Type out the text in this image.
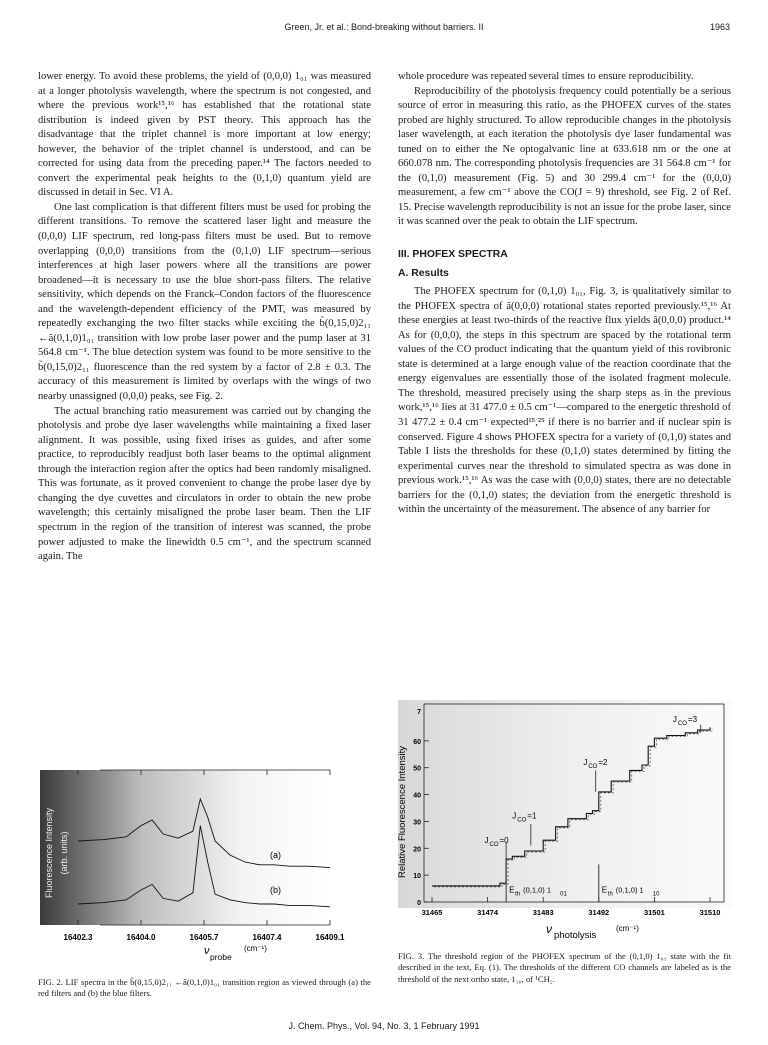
Green, Jr. et al.: Bond-breaking without barriers. II	1963

lower energy. To avoid these problems, the yield of (0,0,0) 1₀₁ was measured at a longer photolysis wavelength, where the spectrum is not congested, and where the previous work¹⁵,¹⁶ has established that the rotational state distribution is indeed given by PST theory. This approach has the disadvantage that the triplet channel is more important at low energy; however, the behavior of the triplet channel is understood, and can be corrected for using data from the preceding paper.¹⁴ The factors needed to convert the experimental peak heights to the (0,1,0) quantum yield are discussed in detail in Sec. VI A.

One last complication is that different filters must be used for probing the different transitions. To remove the scattered laser light and measure the (0,0,0) LIF spectrum, red long-pass filters must be used. But to remove overlapping (0,0,0) transitions from the (0,1,0) LIF spectrum—serious interferences at high laser powers where all the transitions are power broadened—it is necessary to use the blue short-pass filters. The relative sensitivity, which depends on the Franck–Condon factors of the fluorescence and the wavelength-dependent efficiency of the PMT, was measured by repeatedly exchanging the two filter stacks while exciting the b̃(0,15,0)2₁₁ ←ã(0,1,0)1₀₁ transition with low probe laser power and the pump laser at 31 564.8 cm⁻¹. The blue detection system was found to be more sensitive to the b̃(0,15,0)2₁₁ fluorescence than the red system by a factor of 2.8 ± 0.3. The accuracy of this measurement is limited by overlaps with the wings of two nearby unassigned (0,0,0) peaks, see Fig. 2.

The actual branching ratio measurement was carried out by changing the photolysis and probe dye laser wavelengths while maintaining a fixed laser alignment. It was possible, using fixed irises as guides, and after some practice, to reproducibly readjust both laser beams to the optimal alignment through the interaction region after the optics had been randomly misaligned. This was fortunate, as it proved convenient to change the probe laser dye by changing the dye cuvettes and circulators in order to obtain the new probe wavelength; this certainly misaligned the probe laser beam. Then the LIF spectrum in the region of the transition of interest was scanned, the probe power adjusted to make the linewidth 0.5 cm⁻¹, and the spectrum scanned again. The

whole procedure was repeated several times to ensure reproducibility.

Reproducibility of the photolysis frequency could potentially be a serious source of error in measuring this ratio, as the PHOFEX curves of the states probed are highly structured. To allow reproducible changes in the photolysis laser wavelength, at each iteration the photolysis dye laser fundamental was tuned on to either the Ne optogalvanic line at 633.618 nm or the one at 660.078 nm. The corresponding photolysis frequencies are 31 564.8 cm⁻¹ for the (0,1,0) measurement (Fig. 5) and 30 299.4 cm⁻¹ for the (0,0,0) measurement, a few cm⁻¹ above the CO(J = 9) threshold, see Fig. 2 of Ref. 15. Precise wavelength reproducibility is not an issue for the probe laser, since it was scanned over the peak to obtain the LIF spectrum.

III. PHOFEX SPECTRA
A. Results

The PHOFEX spectrum for (0,1,0) 1₀₁, Fig. 3, is qualitatively similar to the PHOFEX spectra of ã(0,0,0) rotational states reported previously.¹⁵,¹⁶ At these energies at least two-thirds of the reactive flux yields ã(0,0,0) product.¹⁴ As for (0,0,0), the steps in this spectrum are spaced by the rotational term values of the CO product indicating that the quantum yield of this rovibronic state is determined at a large enough value of the reaction coordinate that the energy eigenvalues are essentially those of the isolated fragment molecule. The threshold, measured precisely using the sharp steps as in the previous work,¹⁵,¹⁶ lies at 31 477.0 ± 0.5 cm⁻¹—compared to the energetic threshold of 31 477.2 ± 0.4 cm⁻¹ expected¹⁵,²⁵ if there is no barrier and if nuclear spin is conserved. Figure 4 shows PHOFEX spectra for a variety of (0,1,0) states and Table I lists the thresholds for these (0,1,0) states determined by fitting the experimental curves near the threshold to simulated spectra as was done in previous work.¹⁵,¹⁶ As was the case with (0,0,0) states, there are no detectable barriers for the (0,1,0) states; the deviation from the energetic threshold is within the uncertainty of the measurement. The absence of any barrier for

Fluorescence Intensity (arb. units)	(a)
(b)
16402.3	16404.0	16405.7	16407.4	16409.1
ν probe
(cm⁻¹)
FIG. 2. LIF spectra in the b̃(0,15,0)2₁₁ ←ã(0,1,0)1₀₁ transition region as viewed through (a) the red filters and (b) the blue filters.
Relative Fluorescence Intensity
31465	31474	31483	31492	31501	31510
0
10
20
30
40
50
60
7
J CO =0
J CO =1
J CO =2
J CO =3
E th (0,1,0) 1 01	E th (0,1,0) 1 10
ν photolysis
(cm⁻¹)
FIG. 3. The threshold region of the PHOFEX spectrum of the (0,1,0) 1₀₁ state with the fit described in the text, Eq. (1). The thresholds of the different CO channels are labeled as is the threshold of the next ortho state, 1₁₀, of ¹CH₂.
J. Chem. Phys., Vol. 94, No. 3, 1 February 1991
